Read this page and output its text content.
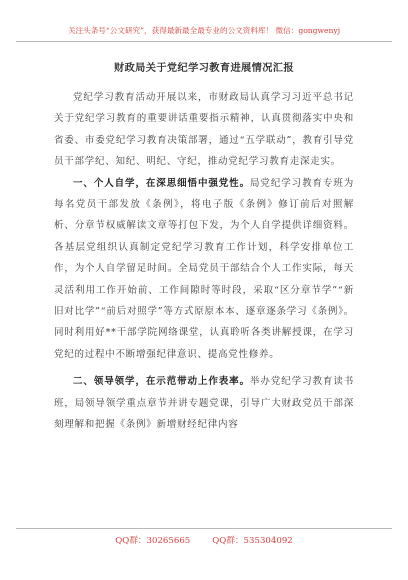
关注头条号“公文研究”，获得最新最全最专业的公文资料库！ 微信：gongwenyj
财政局关于党纪学习教育进展情况汇报

党纪学习教育活动开展以来，市财政局认真学习习近平总书记关于党纪学习教育的重要讲话重要指示精神，认真贯彻落实中央和省委、市委党纪学习教育决策部署，通过“五学联动”，教育引导党员干部学纪、知纪、明纪、守纪，推动党纪学习教育走深走实。

一、个人自学，在深思细悟中强党性。局党纪学习教育专班为每名党员干部发放《条例》，将电子版《条例》修订前后对照解析、分章节权威解读文章等打包下发，为个人自学提供详细资料。各基层党组织认真制定党纪学习教育工作计划，科学安排单位工作，为个人自学留足时间。全局党员干部结合个人工作实际，每天灵活利用工作开始前、工作间隙时等时段，采取“区分章节学”“新旧对比学”“前后对照学”等方式原原本本、逐章逐条学习《条例》。同时利用好**干部学院网络课堂，认真聆听各类讲解授课，在学习党纪的过程中不断增强纪律意识、提高党性修养。

二、领导领学，在示范带动上作表率。举办党纪学习教育读书班，局领导领学重点章节并讲专题党课，引导广大财政党员干部深刻理解和把握《条例》新增财经纪律内容

QQ群：30265665	QQ群：535304092
